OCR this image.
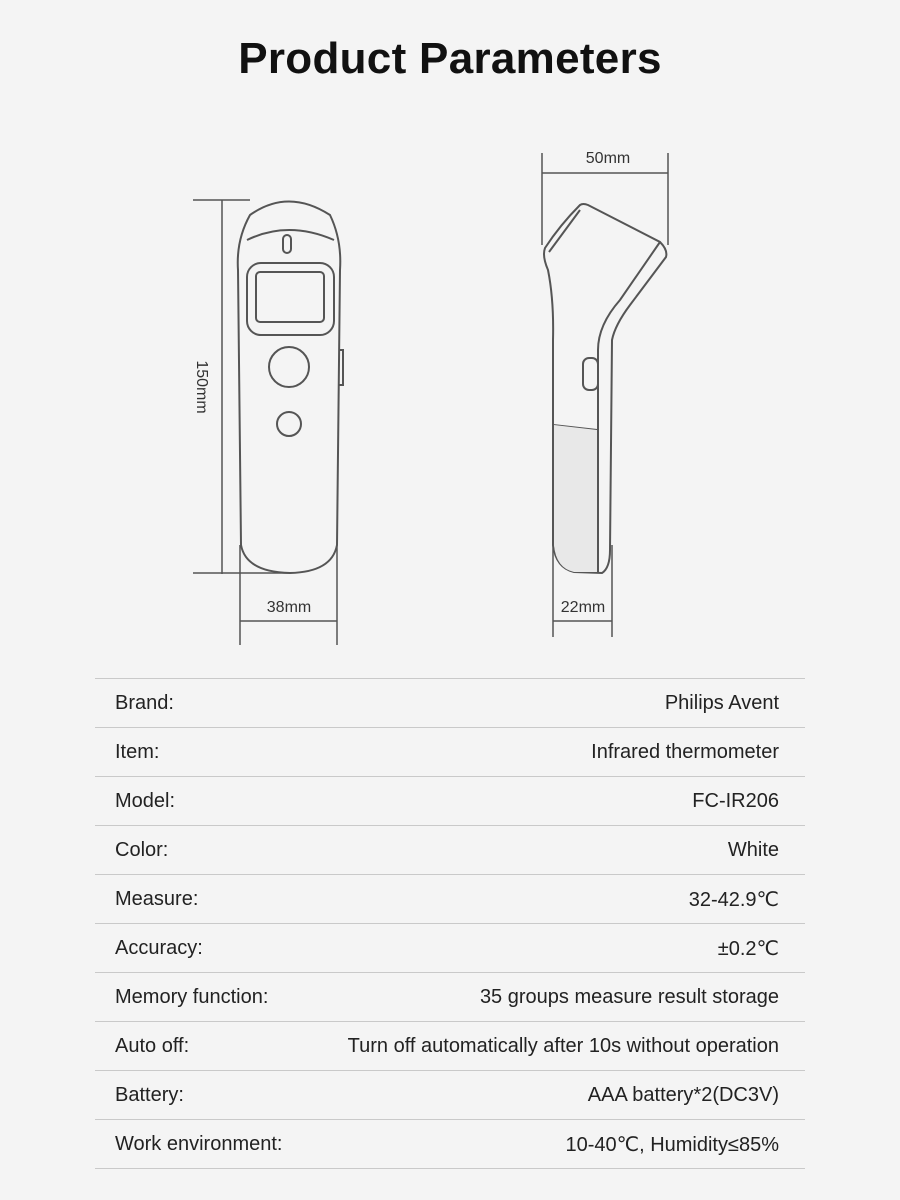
Product Parameters
150mm
38mm
50mm
22mm
Brand:	Philips Avent
Item:	Infrared thermometer
Model:	FC-IR206
Color:	White
Measure:	32-42.9℃
Accuracy:	±0.2℃
Memory function:	35 groups measure result storage
Auto off:	Turn off automatically after 10s without operation
Battery:	AAA battery*2(DC3V)
Work environment:	10-40℃, Humidity≤85%
